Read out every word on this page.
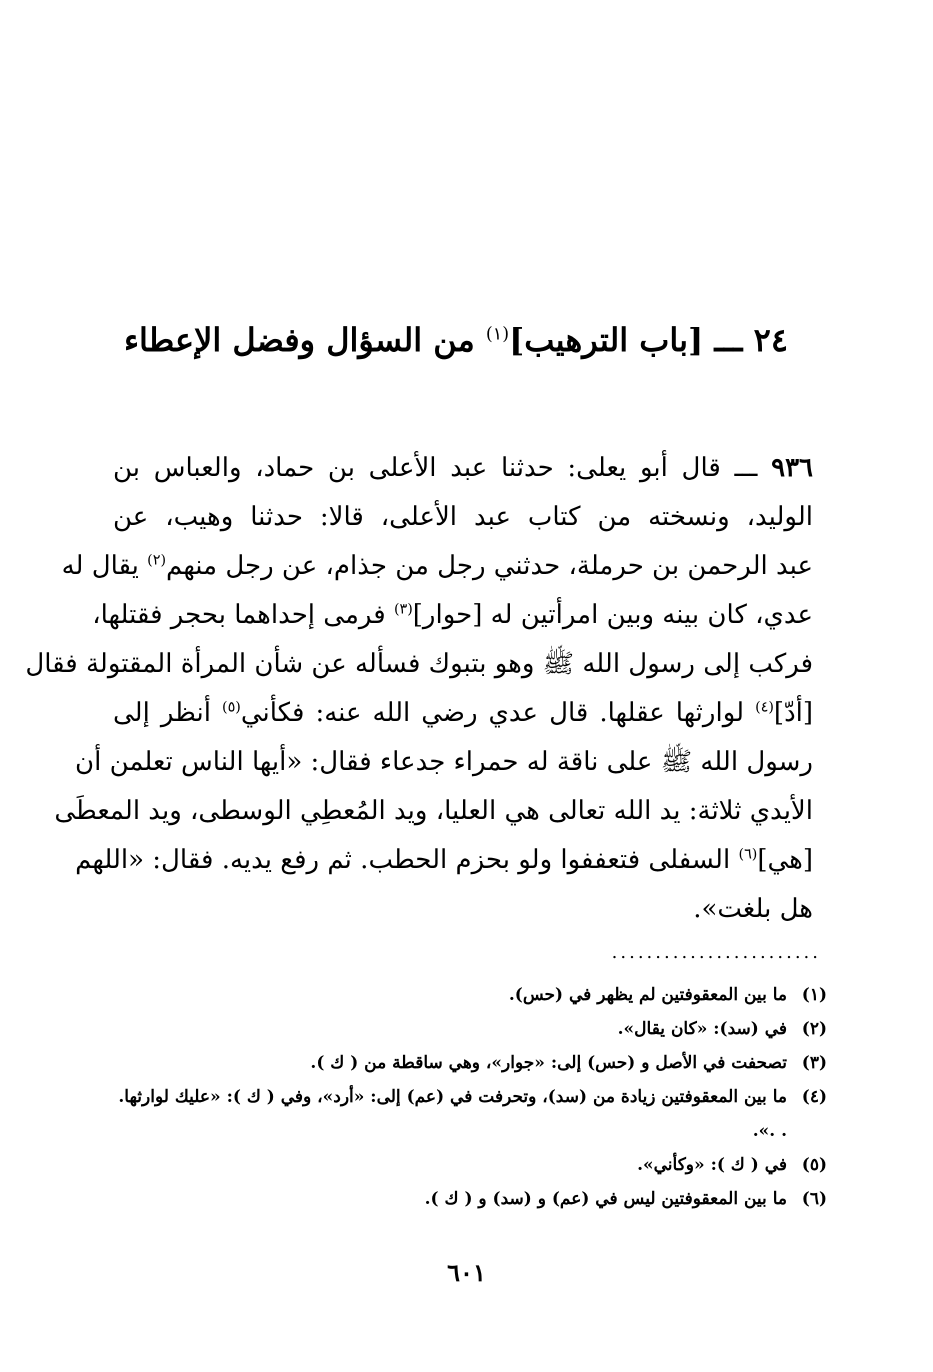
٢٤ ـــ [باب الترهيب]$^{(١)}$ من السؤال وفضل الإعطاء
٩٣٦ ـــ قال أبو يعلى: حدثنا عبد الأعلى بن حماد، والعباس بن
الوليد، ونسخته من كتاب عبد الأعلى، قالا: حدثنا وهيب، عن
عبد الرحمن بن حرملة، حدثني رجل من جذام، عن رجل منهم$^{(٢)}$ يقال له
عدي، كان بينه وبين امرأتين له [حوار]$^{(٣)}$ فرمى إحداهما بحجر فقتلها،
فركب إلى رسول الله ﷺ وهو بتبوك فسأله عن شأن المرأة المقتولة فقال
[أدّ]$^{(٤)}$ لوارثها عقلها. قال عدي رضي الله عنه: فكأني$^{(٥)}$ أنظر إلى
رسول الله ﷺ على ناقة له حمراء جدعاء فقال: «أيها الناس تعلمن أن
الأيدي ثلاثة: يد الله تعالى هي العليا، ويد المُعطِي الوسطى، ويد المعطَى
[هي]$^{(٦)}$ السفلى فتعففوا ولو بحزم الحطب. ثم رفع يديه. فقال: «اللهم
هل بلغت».
........................
(١)
ما بين المعقوفتين لم يظهر في (حس).
(٢)
في (سد): «كان يقال».
(٣)
تصحفت في الأصل و (حس) إلى: «جوار»، وهي ساقطة من ( ك ).
(٤)
ما بين المعقوفتين زيادة من (سد)، وتحرفت في (عم) إلى: «أرد»، وفي ( ك ): «عليك لوارثها. . .».
(٥)
في ( ك ): «وكأني».
(٦)
ما بين المعقوفتين ليس في (عم) و (سد) و ( ك ).
٦٠١
